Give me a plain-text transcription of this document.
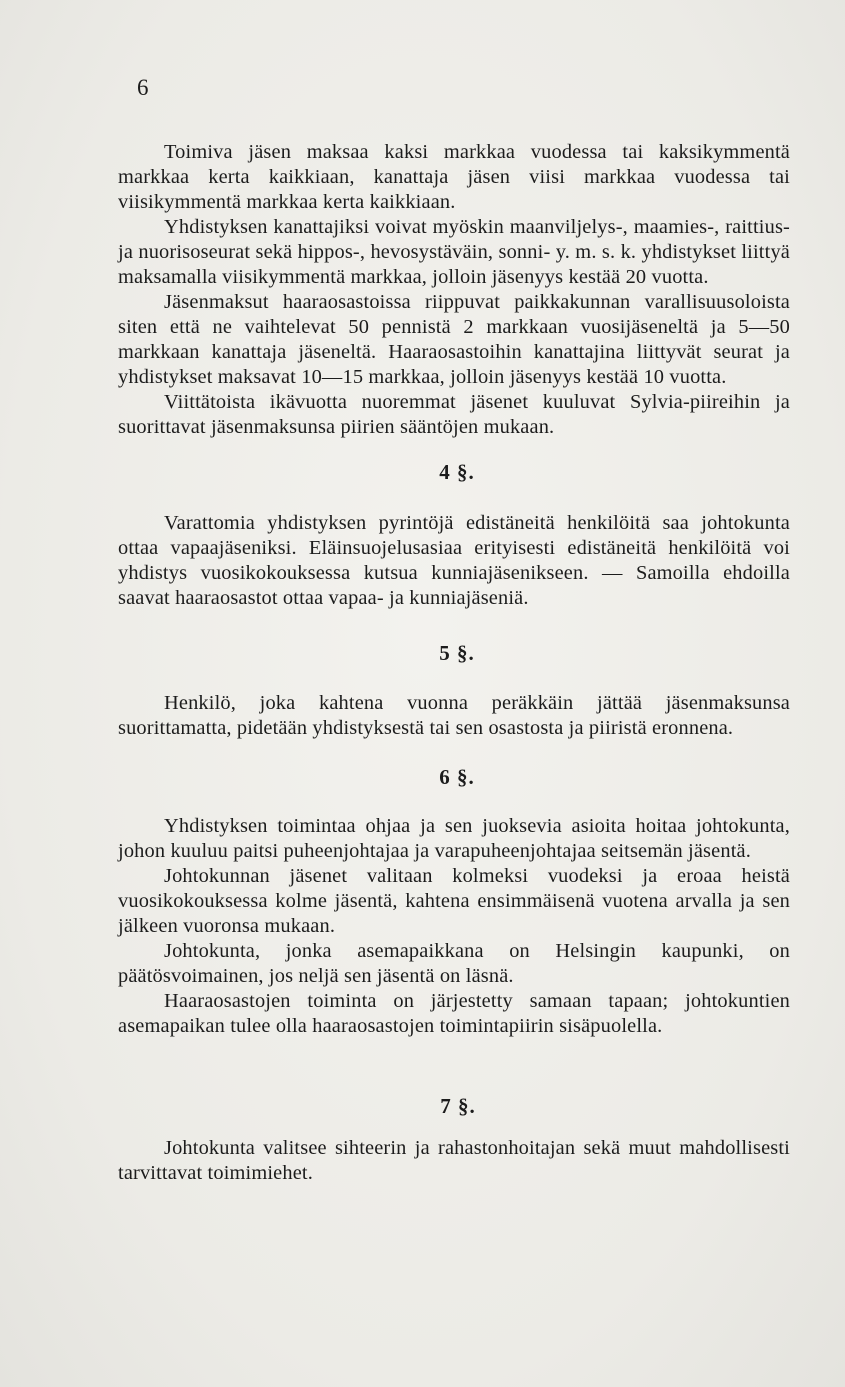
6

Toimiva jäsen maksaa kaksi markkaa vuodessa tai kaksikymmentä markkaa kerta kaikkiaan, kanattaja jäsen viisi markkaa vuodessa tai viisikymmentä markkaa kerta kaikkiaan.

Yhdistyksen kanattajiksi voivat myöskin maanviljelys-, maamies-, raittius- ja nuorisoseurat sekä hippos-, hevosystäväin, sonni- y. m. s. k. yhdistykset liittyä maksamalla viisikymmentä markkaa, jolloin jäsenyys kestää 20 vuotta.

Jäsenmaksut haaraosastoissa riippuvat paikkakunnan varallisuusoloista siten että ne vaihtelevat 50 pennistä 2 markkaan vuosijäseneltä ja 5—50 markkaan kanattaja jäseneltä. Haaraosastoihin kanattajina liittyvät seurat ja yhdistykset maksavat 10—15 markkaa, jolloin jäsenyys kestää 10 vuotta.

Viittätoista ikävuotta nuoremmat jäsenet kuuluvat Sylvia-piireihin ja suorittavat jäsenmaksunsa piirien sääntöjen mukaan.

4 §.

Varattomia yhdistyksen pyrintöjä edistäneitä henkilöitä saa johtokunta ottaa vapaajäseniksi. Eläinsuojelusasiaa erityisesti edistäneitä henkilöitä voi yhdistys vuosikokouksessa kutsua kunniajäsenikseen. — Samoilla ehdoilla saavat haaraosastot ottaa vapaa- ja kunniajäseniä.

5 §.

Henkilö, joka kahtena vuonna peräkkäin jättää jäsenmaksunsa suorittamatta, pidetään yhdistyksestä tai sen osastosta ja piiristä eronnena.

6 §.

Yhdistyksen toimintaa ohjaa ja sen juoksevia asioita hoitaa johtokunta, johon kuuluu paitsi puheenjohtajaa ja varapuheenjohtajaa seitsemän jäsentä.

Johtokunnan jäsenet valitaan kolmeksi vuodeksi ja eroaa heistä vuosikokouksessa kolme jäsentä, kahtena ensimmäisenä vuotena arvalla ja sen jälkeen vuoronsa mukaan.

Johtokunta, jonka asemapaikkana on Helsingin kaupunki, on päätösvoimainen, jos neljä sen jäsentä on läsnä.

Haaraosastojen toiminta on järjestetty samaan tapaan; johtokuntien asemapaikan tulee olla haaraosastojen toimintapiirin sisäpuolella.

7 §.

Johtokunta valitsee sihteerin ja rahastonhoitajan sekä muut mahdollisesti tarvittavat toimimiehet.
